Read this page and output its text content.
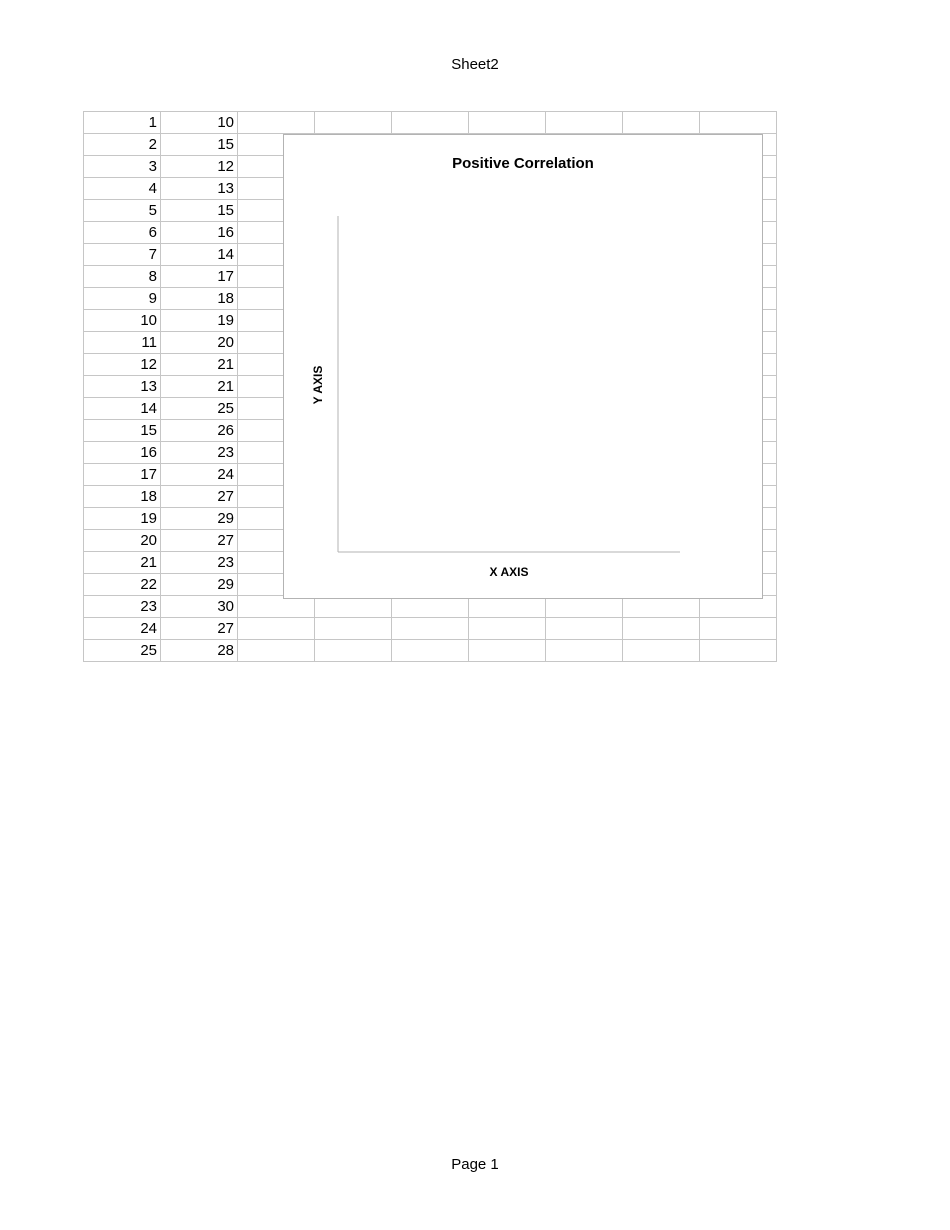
Sheet2
1	10							
2	15							
3	12							
4	13							
5	15							
6	16							
7	14							
8	17							
9	18							
10	19							
11	20							
12	21							
13	21							
14	25							
15	26							
16	23							
17	24							
18	27							
19	29							
20	27							
21	23							
22	29							
23	30							
24	27							
25	28							
Positive Correlation
Y AXIS
X AXIS
Page 1
